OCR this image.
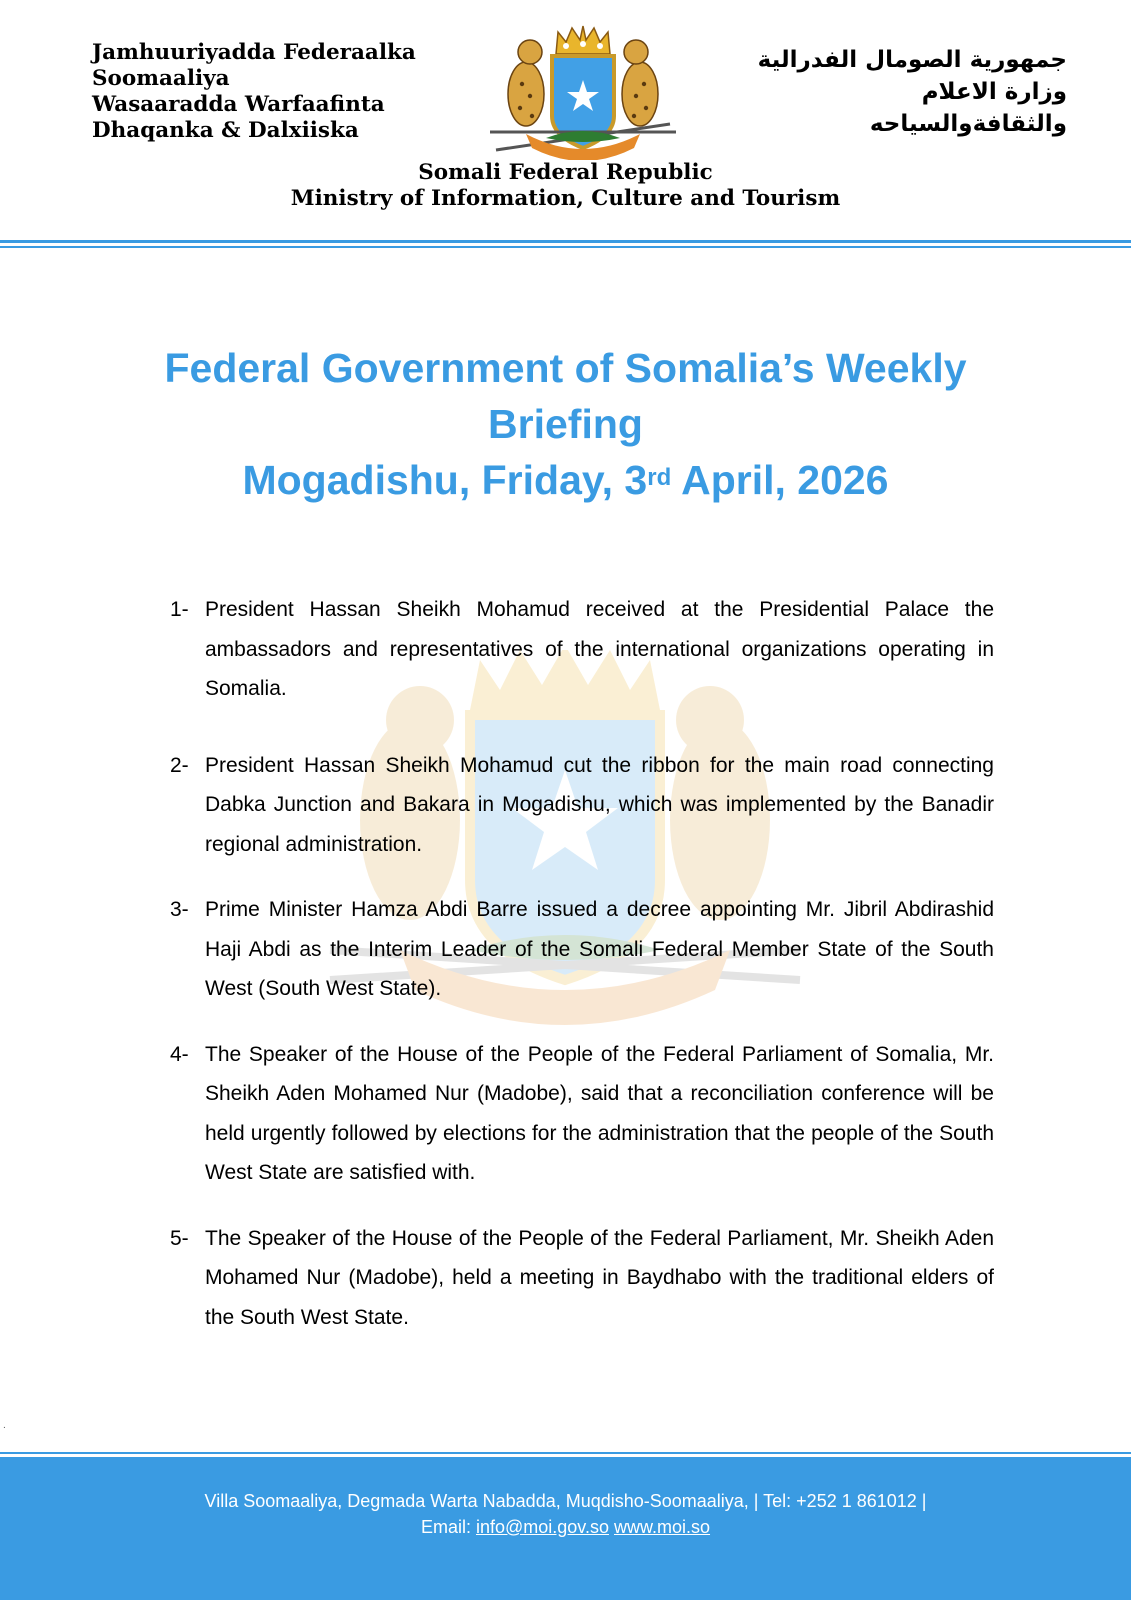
Jamhuuriyadda Federaalka
Soomaaliya
Wasaaradda Warfaafinta
Dhaqanka & Dalxiiska
جمهورية الصومال الفدرالية
وزارة الاعلام
والثقافةوالسياحه
Somali Federal Republic
Ministry of Information, Culture and Tourism
Federal Government of Somalia’s Weekly
Briefing
Mogadishu, Friday, 3rd April, 2026
1- President Hassan Sheikh Mohamud received at the Presidential Palace the ambassadors and representatives of the international organizations operating in Somalia.
2- President Hassan Sheikh Mohamud cut the ribbon for the main road connecting Dabka Junction and Bakara in Mogadishu, which was implemented by the Banadir regional administration.
3- Prime Minister Hamza Abdi Barre issued a decree appointing Mr. Jibril Abdirashid Haji Abdi as the Interim Leader of the Somali Federal Member State of the South West (South West State).
4- The Speaker of the House of the People of the Federal Parliament of Somalia, Mr. Sheikh Aden Mohamed Nur (Madobe), said that a reconciliation conference will be held urgently followed by elections for the administration that the people of the South West State are satisfied with.
5- The Speaker of the House of the People of the Federal Parliament, Mr. Sheikh Aden Mohamed Nur (Madobe), held a meeting in Baydhabo with the traditional elders of the South West State.
.
Villa Soomaaliya, Degmada Warta Nabadda, Muqdisho-Soomaaliya, | Tel: +252 1 861012 |
Email: info@moi.gov.so www.moi.so
